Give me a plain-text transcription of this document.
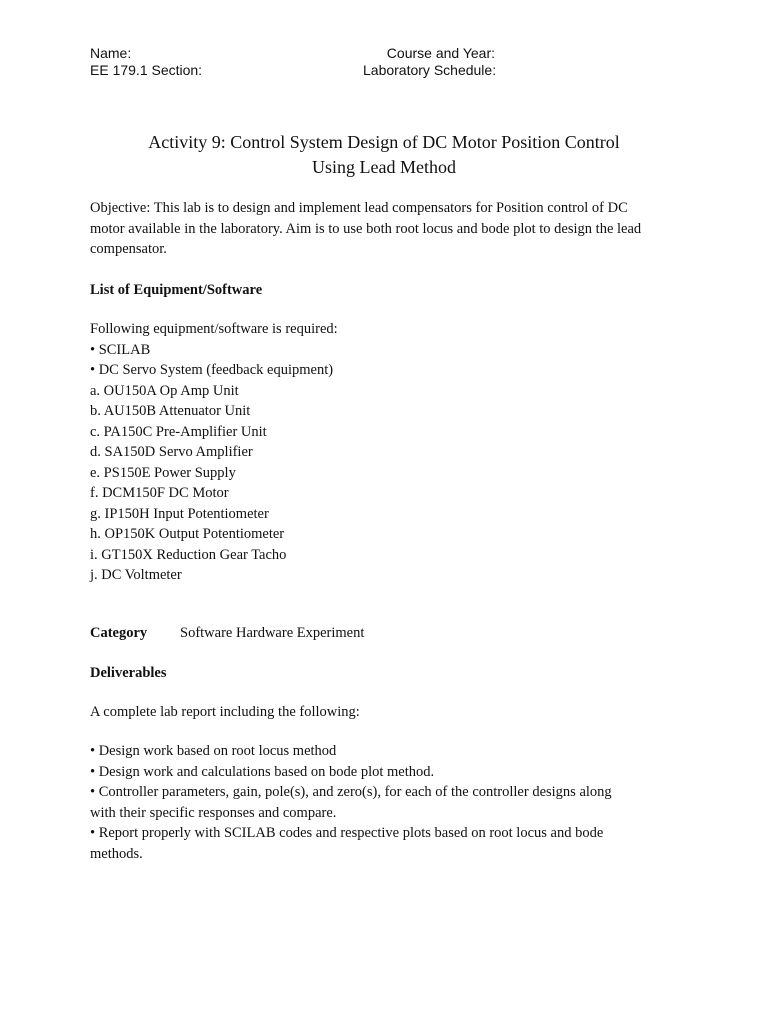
Name:
EE 179.1 Section:
Course and Year:
Laboratory Schedule:
Activity 9: Control System Design of DC Motor Position Control
Using Lead Method
Objective: This lab is to design and implement lead compensators for Position control of DC
motor available in the laboratory. Aim is to use both root locus and bode plot to design the lead
compensator.
List of Equipment/Software
Following equipment/software is required:
• SCILAB
• DC Servo System (feedback equipment)
a. OU150A Op Amp Unit
b. AU150B Attenuator Unit
c. PA150C Pre-Amplifier Unit
d. SA150D Servo Amplifier
e. PS150E Power Supply
f. DCM150F DC Motor
g. IP150H Input Potentiometer
h. OP150K Output Potentiometer
i. GT150X Reduction Gear Tacho
j. DC Voltmeter
Category Software Hardware Experiment
Deliverables
A complete lab report including the following:
• Design work based on root locus method
• Design work and calculations based on bode plot method.
• Controller parameters, gain, pole(s), and zero(s), for each of the controller designs along
with their specific responses and compare.
• Report properly with SCILAB codes and respective plots based on root locus and bode
methods.
